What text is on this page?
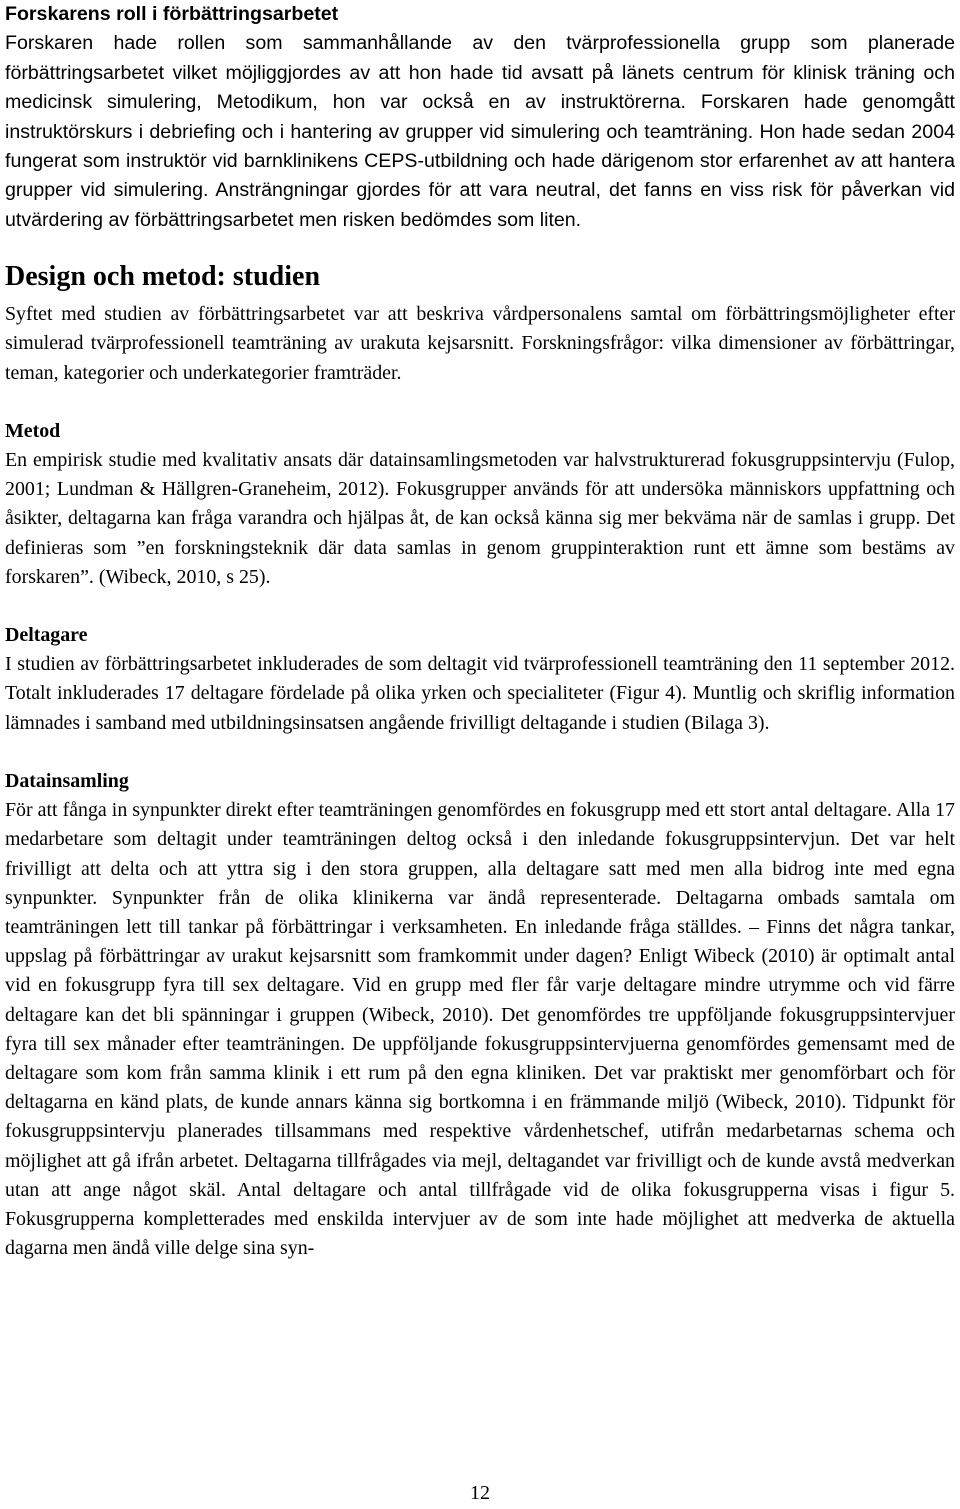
Forskarens roll i förbättringsarbetet

Forskaren hade rollen som sammanhållande av den tvärprofessionella grupp som planerade förbättringsarbetet vilket möjliggjordes av att hon hade tid avsatt på länets centrum för klinisk träning och medicinsk simulering, Metodikum, hon var också en av instruktörerna. Forskaren hade genomgått instruktörskurs i debriefing och i hantering av grupper vid simulering och teamträning. Hon hade sedan 2004 fungerat som instruktör vid barnklinikens CEPS-utbildning och hade därigenom stor erfarenhet av att hantera grupper vid simulering. Ansträngningar gjordes för att vara neutral, det fanns en viss risk för påverkan vid utvärdering av förbättringsarbetet men risken bedömdes som liten.

Design och metod: studien

Syftet med studien av förbättringsarbetet var att beskriva vårdpersonalens samtal om förbättringsmöjligheter efter simulerad tvärprofessionell teamträning av urakuta kejsarsnitt. Forskningsfrågor: vilka dimensioner av förbättringar, teman, kategorier och underkategorier framträder.

Metod

En empirisk studie med kvalitativ ansats där datainsamlingsmetoden var halvstrukturerad fokusgruppsintervju (Fulop, 2001; Lundman & Hällgren-Graneheim, 2012). Fokusgrupper används för att undersöka människors uppfattning och åsikter, deltagarna kan fråga varandra och hjälpas åt, de kan också känna sig mer bekväma när de samlas i grupp. Det definieras som ”en forskningsteknik där data samlas in genom gruppinteraktion runt ett ämne som bestäms av forskaren”. (Wibeck, 2010, s 25).

Deltagare

I studien av förbättringsarbetet inkluderades de som deltagit vid tvärprofessionell teamträning den 11 september 2012. Totalt inkluderades 17 deltagare fördelade på olika yrken och specialiteter (Figur 4). Muntlig och skriflig information lämnades i samband med utbildningsinsatsen angående frivilligt deltagande i studien (Bilaga 3).

Datainsamling

För att fånga in synpunkter direkt efter teamträningen genomfördes en fokusgrupp med ett stort antal deltagare. Alla 17 medarbetare som deltagit under teamträningen deltog också i den inledande fokusgruppsintervjun. Det var helt frivilligt att delta och att yttra sig i den stora gruppen, alla deltagare satt med men alla bidrog inte med egna synpunkter. Synpunkter från de olika klinikerna var ändå representerade. Deltagarna ombads samtala om teamträningen lett till tankar på förbättringar i verksamheten. En inledande fråga ställdes. – Finns det några tankar, uppslag på förbättringar av urakut kejsarsnitt som framkommit under dagen? Enligt Wibeck (2010) är optimalt antal vid en fokusgrupp fyra till sex deltagare. Vid en grupp med fler får varje deltagare mindre utrymme och vid färre deltagare kan det bli spänningar i gruppen (Wibeck, 2010). Det genomfördes tre uppföljande fokusgruppsintervjuer fyra till sex månader efter teamträningen. De uppföljande fokusgruppsintervjuerna genomfördes gemensamt med de deltagare som kom från samma klinik i ett rum på den egna kliniken. Det var praktiskt mer genomförbart och för deltagarna en känd plats, de kunde annars känna sig bortkomna i en främmande miljö (Wibeck, 2010). Tidpunkt för fokusgruppsintervju planerades tillsammans med respektive vårdenhetschef, utifrån medarbetarnas schema och möjlighet att gå ifrån arbetet. Deltagarna tillfrågades via mejl, deltagandet var frivilligt och de kunde avstå medverkan utan att ange något skäl. Antal deltagare och antal tillfrågade vid de olika fokusgrupperna visas i figur 5. Fokusgrupperna kompletterades med enskilda intervjuer av de som inte hade möjlighet att medverka de aktuella dagarna men ändå ville delge sina syn-

12
